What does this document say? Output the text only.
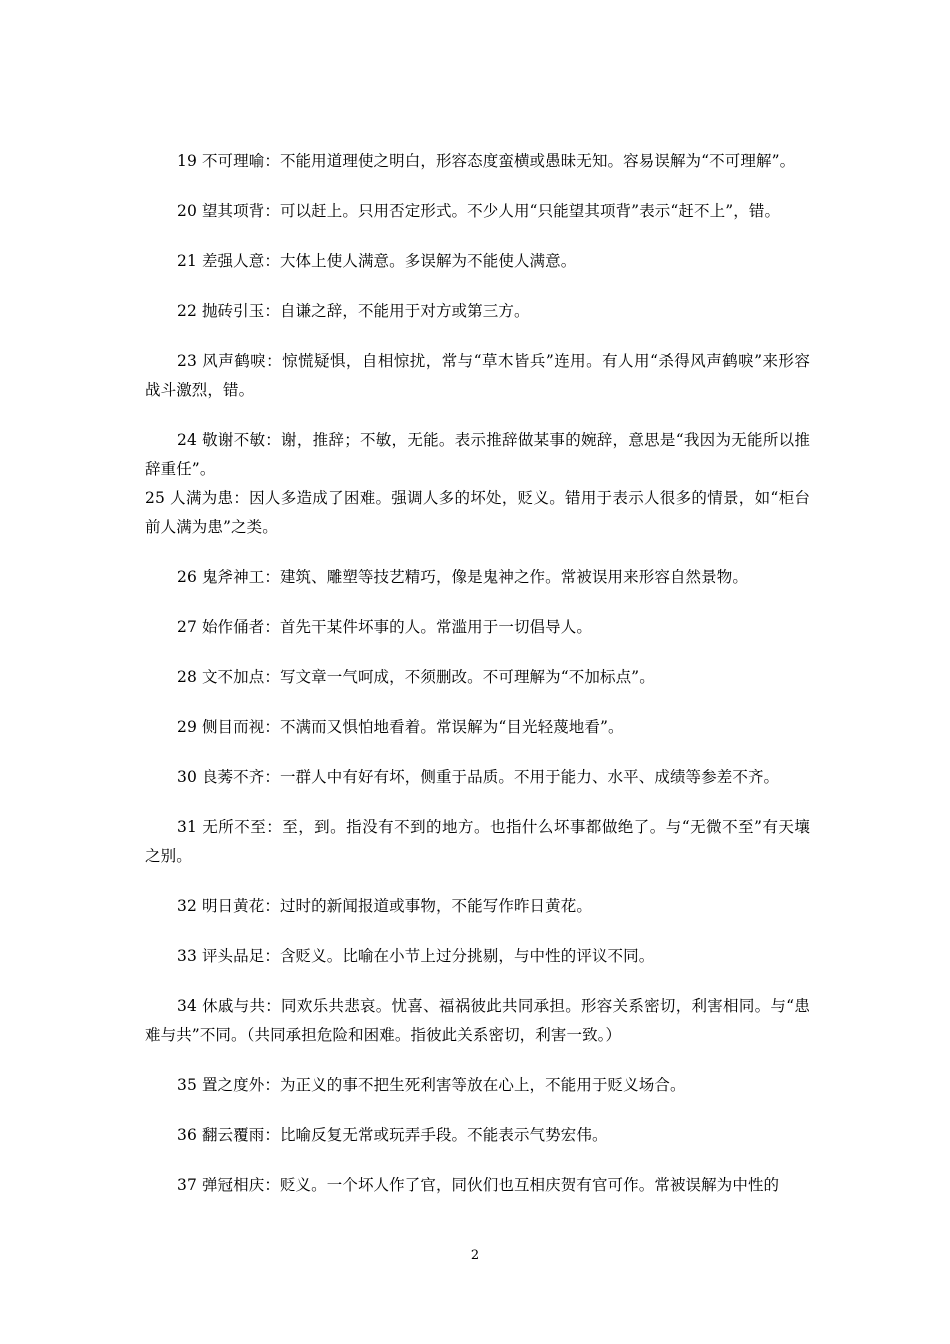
19 不可理喻：不能用道理使之明白，形容态度蛮横或愚昧无知。容易误解为“不可理解”。

20 望其项背：可以赶上。只用否定形式。不少人用“只能望其项背”表示“赶不上”，错。

21 差强人意：大体上使人满意。多误解为不能使人满意。

22 抛砖引玉：自谦之辞，不能用于对方或第三方。

23 风声鹤唳：惊慌疑惧，自相惊扰，常与“草木皆兵”连用。有人用“杀得风声鹤唳”来形容战斗激烈，错。

24 敬谢不敏：谢，推辞；不敏，无能。表示推辞做某事的婉辞，意思是“我因为无能所以推辞重任”。

25 人满为患：因人多造成了困难。强调人多的坏处，贬义。错用于表示人很多的情景，如“柜台前人满为患”之类。

26 鬼斧神工：建筑、雕塑等技艺精巧，像是鬼神之作。常被误用来形容自然景物。

27 始作俑者：首先干某件坏事的人。常滥用于一切倡导人。

28 文不加点：写文章一气呵成，不须删改。不可理解为“不加标点”。

29 侧目而视：不满而又惧怕地看着。常误解为“目光轻蔑地看”。

30 良莠不齐：一群人中有好有坏，侧重于品质。不用于能力、水平、成绩等参差不齐。

31 无所不至：至，到。指没有不到的地方。也指什么坏事都做绝了。与“无微不至”有天壤之别。

32 明日黄花：过时的新闻报道或事物，不能写作昨日黄花。

33 评头品足：含贬义。比喻在小节上过分挑剔，与中性的评议不同。

34 休戚与共：同欢乐共悲哀。忧喜、福祸彼此共同承担。形容关系密切，利害相同。与“患难与共”不同。（共同承担危险和困难。指彼此关系密切，利害一致。）

35 置之度外：为正义的事不把生死利害等放在心上，不能用于贬义场合。

36 翻云覆雨：比喻反复无常或玩弄手段。不能表示气势宏伟。

37 弹冠相庆：贬义。一个坏人作了官，同伙们也互相庆贺有官可作。常被误解为中性的

2
